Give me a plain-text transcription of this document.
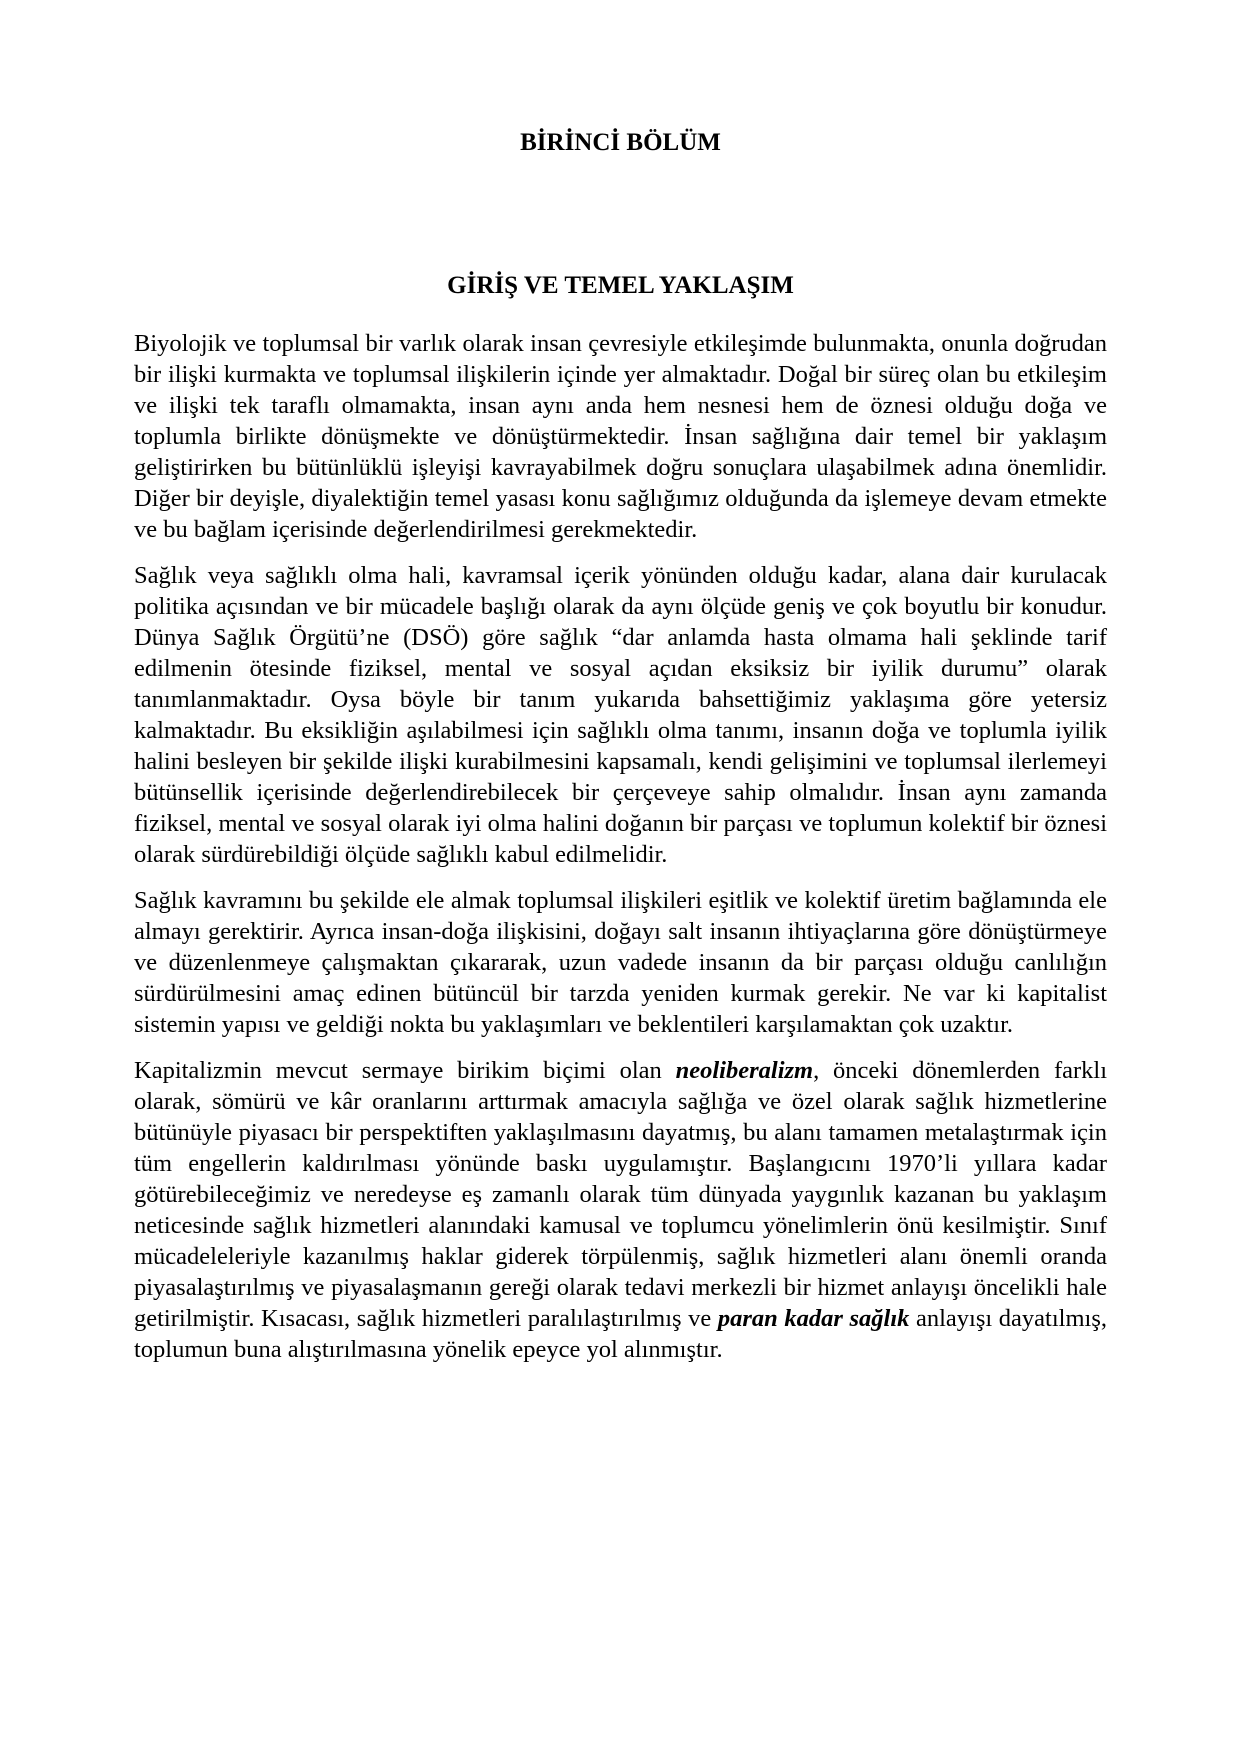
BİRİNCİ BÖLÜM
GİRİŞ VE TEMEL YAKLAŞIM

Biyolojik ve toplumsal bir varlık olarak insan çevresiyle etkileşimde bulunmakta, onunla doğrudan bir ilişki kurmakta ve toplumsal ilişkilerin içinde yer almaktadır. Doğal bir süreç olan bu etkileşim ve ilişki tek taraflı olmamakta, insan aynı anda hem nesnesi hem de öznesi olduğu doğa ve toplumla birlikte dönüşmekte ve dönüştürmektedir. İnsan sağlığına dair temel bir yaklaşım geliştirirken bu bütünlüklü işleyişi kavrayabilmek doğru sonuçlara ulaşabilmek adına önemlidir. Diğer bir deyişle, diyalektiğin temel yasası konu sağlığımız olduğunda da işlemeye devam etmekte ve bu bağlam içerisinde değerlendirilmesi gerekmektedir.

Sağlık veya sağlıklı olma hali, kavramsal içerik yönünden olduğu kadar, alana dair kurulacak politika açısından ve bir mücadele başlığı olarak da aynı ölçüde geniş ve çok boyutlu bir konudur. Dünya Sağlık Örgütü’ne (DSÖ) göre sağlık “dar anlamda hasta olmama hali şeklinde tarif edilmenin ötesinde fiziksel, mental ve sosyal açıdan eksiksiz bir iyilik durumu” olarak tanımlanmaktadır. Oysa böyle bir tanım yukarıda bahsettiğimiz yaklaşıma göre yetersiz kalmaktadır. Bu eksikliğin aşılabilmesi için sağlıklı olma tanımı, insanın doğa ve toplumla iyilik halini besleyen bir şekilde ilişki kurabilmesini kapsamalı, kendi gelişimini ve toplumsal ilerlemeyi bütünsellik içerisinde değerlendirebilecek bir çerçeveye sahip olmalıdır. İnsan aynı zamanda fiziksel, mental ve sosyal olarak iyi olma halini doğanın bir parçası ve toplumun kolektif bir öznesi olarak sürdürebildiği ölçüde sağlıklı kabul edilmelidir.

Sağlık kavramını bu şekilde ele almak toplumsal ilişkileri eşitlik ve kolektif üretim bağlamında ele almayı gerektirir. Ayrıca insan-doğa ilişkisini, doğayı salt insanın ihtiyaçlarına göre dönüştürmeye ve düzenlenmeye çalışmaktan çıkararak, uzun vadede insanın da bir parçası olduğu canlılığın sürdürülmesini amaç edinen bütüncül bir tarzda yeniden kurmak gerekir. Ne var ki kapitalist sistemin yapısı ve geldiği nokta bu yaklaşımları ve beklentileri karşılamaktan çok uzaktır.

Kapitalizmin mevcut sermaye birikim biçimi olan neoliberalizm, önceki dönemlerden farklı olarak, sömürü ve kâr oranlarını arttırmak amacıyla sağlığa ve özel olarak sağlık hizmetlerine bütünüyle piyasacı bir perspektiften yaklaşılmasını dayatmış, bu alanı tamamen metalaştırmak için tüm engellerin kaldırılması yönünde baskı uygulamıştır. Başlangıcını 1970’li yıllara kadar götürebileceğimiz ve neredeyse eş zamanlı olarak tüm dünyada yaygınlık kazanan bu yaklaşım neticesinde sağlık hizmetleri alanındaki kamusal ve toplumcu yönelimlerin önü kesilmiştir. Sınıf mücadeleleriyle kazanılmış haklar giderek törpülenmiş, sağlık hizmetleri alanı önemli oranda piyasalaştırılmış ve piyasalaşmanın gereği olarak tedavi merkezli bir hizmet anlayışı öncelikli hale getirilmiştir. Kısacası, sağlık hizmetleri paralılaştırılmış ve paran kadar sağlık anlayışı dayatılmış, toplumun buna alıştırılmasına yönelik epeyce yol alınmıştır.
